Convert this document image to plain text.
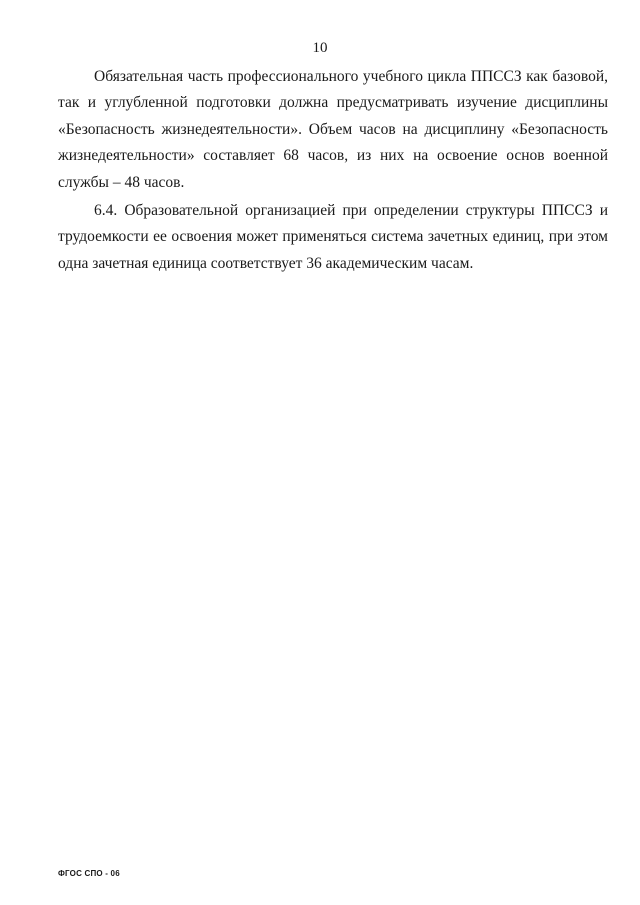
10

Обязательная часть профессионального учебного цикла ППССЗ как базовой, так и углубленной подготовки должна предусматривать изучение дисциплины «Безопасность жизнедеятельности». Объем часов на дисциплину «Безопасность жизнедеятельности» составляет 68 часов, из них на освоение основ военной службы – 48 часов.

6.4. Образовательной организацией при определении структуры ППССЗ и трудоемкости ее освоения может применяться система зачетных единиц, при этом одна зачетная единица соответствует 36 академическим часам.

ФГОС СПО - 06
